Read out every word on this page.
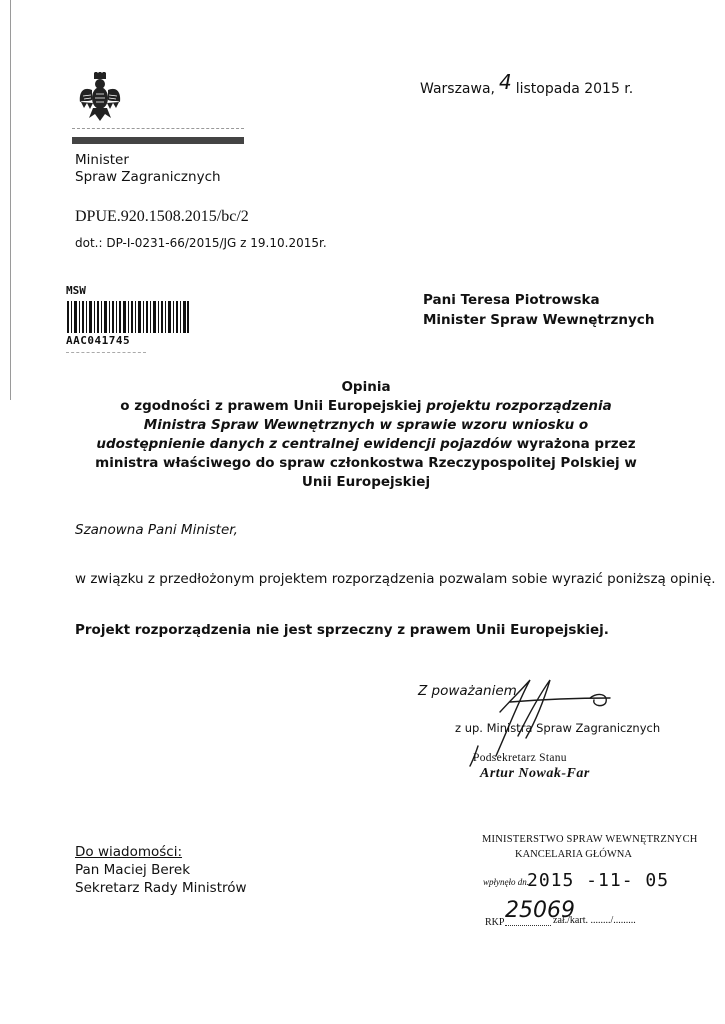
Warszawa, 4 listopada 2015 r.
Minister
Spraw Zagranicznych
DPUE.920.1508.2015/bc/2
dot.: DP-I-0231-66/2015/JG z 19.10.2015r.
MSW
AAC041745
Pani Teresa Piotrowska
Minister Spraw Wewnętrznych
Opinia
o zgodności z prawem Unii Europejskiej projektu rozporządzenia Ministra Spraw Wewnętrznych w sprawie wzoru wniosku o udostępnienie danych z centralnej ewidencji pojazdów wyrażona przez ministra właściwego do spraw członkostwa Rzeczypospolitej Polskiej w Unii Europejskiej
Szanowna Pani Minister,
w związku z przedłożonym projektem rozporządzenia pozwalam sobie wyrazić poniższą opinię.
Projekt rozporządzenia nie jest sprzeczny z prawem Unii Europejskiej.
Z poważaniem
z up. Ministra Spraw Zagranicznych
Podsekretarz Stanu
Artur Nowak-Far
Do wiadomości:
Pan Maciej Berek
Sekretarz Rady Ministrów
MINISTERSTWO SPRAW WEWNĘTRZNYCH
KANCELARIA GŁÓWNA
wpłynęło dn.
2015 -11- 05
RKP 25069
zał./kart. ......../.........
